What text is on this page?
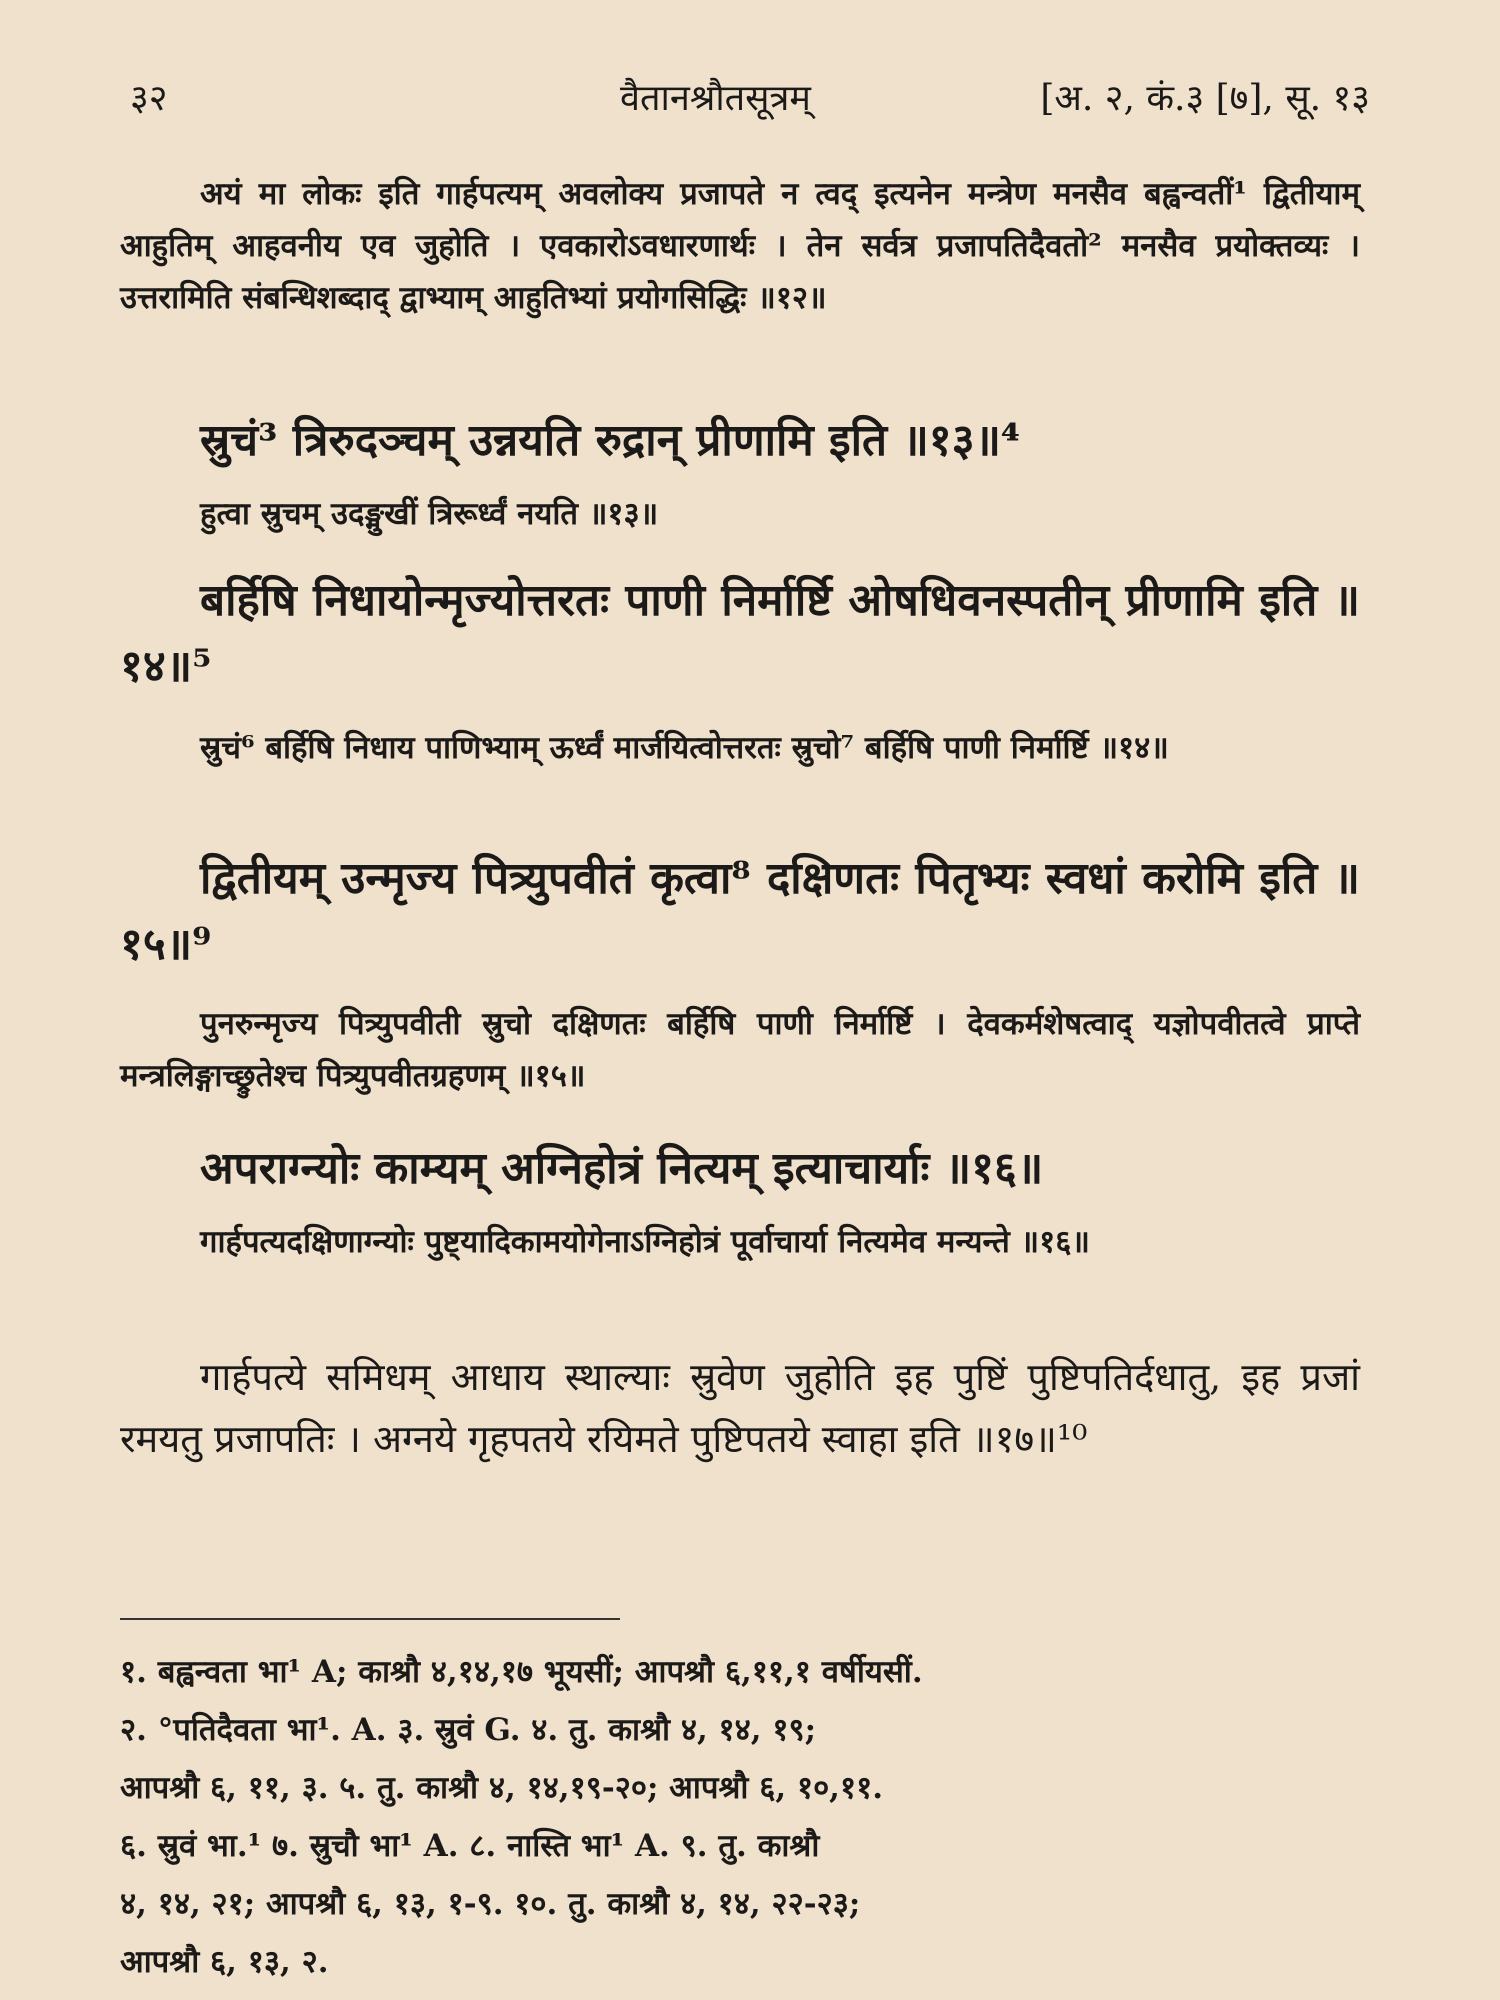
३२	वैतानश्रौतसूत्रम्	[अ. २, कं.३ [७], सू. १३
अयं मा लोकः इति गार्हपत्यम् अवलोक्य प्रजापते न त्वद् इत्यनेन मन्त्रेण मनसैव बह्वन्वतीं¹ द्वितीयाम् आहुतिम् आहवनीय एव जुहोति । एवकारोऽवधारणार्थः । तेन सर्वत्र प्रजापतिदैवतो² मनसैव प्रयोक्तव्यः । उत्तरामिति संबन्धिशब्दाद् द्वाभ्याम् आहुतिभ्यां प्रयोगसिद्धिः ॥१२॥
स्रुचं³ त्रिरुदञ्चम् उन्नयति रुद्रान् प्रीणामि इति ॥१३॥⁴
हुत्वा स्रुचम् उदङ्मुखीं त्रिरूर्ध्वं नयति ॥१३॥
बर्हिषि निधायोन्मृज्योत्तरतः पाणी निर्मार्ष्टि ओषधिवनस्पतीन् प्रीणामि इति ॥१४॥⁵
स्रुचं⁶ बर्हिषि निधाय पाणिभ्याम् ऊर्ध्वं मार्जयित्वोत्तरतः स्रुचो⁷ बर्हिषि पाणी निर्मार्ष्टि ॥१४॥
द्वितीयम् उन्मृज्य पित्र्युपवीतं कृत्वा⁸ दक्षिणतः पितृभ्यः स्वधां करोमि इति ॥१५॥⁹
पुनरुन्मृज्य पित्र्युपवीती स्रुचो दक्षिणतः बर्हिषि पाणी निर्मार्ष्टि । देवकर्मशेषत्वाद् यज्ञोपवीतत्वे प्राप्ते मन्त्रलिङ्गाच्छ्रुतेश्च पित्र्युपवीतग्रहणम् ॥१५॥
अपराग्न्योः काम्यम् अग्निहोत्रं नित्यम् इत्याचार्याः ॥१६॥
गार्हपत्यदक्षिणाग्न्योः पुष्ट्यादिकामयोगेनाऽग्निहोत्रं पूर्वाचार्या नित्यमेव मन्यन्ते ॥१६॥
गार्हपत्ये समिधम् आधाय स्थाल्याः स्रुवेण जुहोति इह पुष्टिं पुष्टिपतिर्दधातु, इह प्रजां रमयतु प्रजापतिः । अग्नये गृहपतये रयिमते पुष्टिपतये स्वाहा इति ॥१७॥¹⁰
१. बह्वन्वता भा¹ A; काश्रौ ४,१४,१७ भूयसीं; आपश्रौ ६,११,१ वर्षीयसीं.
२. °पतिदैवता भा¹. A. ३. स्रुवं G. ४. तु. काश्रौ ४, १४, १९;
आपश्रौ ६, ११, ३. ५. तु. काश्रौ ४, १४,१९-२०; आपश्रौ ६, १०,११.
६. स्रुवं भा.¹ ७. स्रुचौ भा¹ A. ८. नास्ति भा¹ A. ९. तु. काश्रौ
४, १४, २१; आपश्रौ ६, १३, १-९. १०. तु. काश्रौ ४, १४, २२-२३;
आपश्रौ ६, १३, २.
